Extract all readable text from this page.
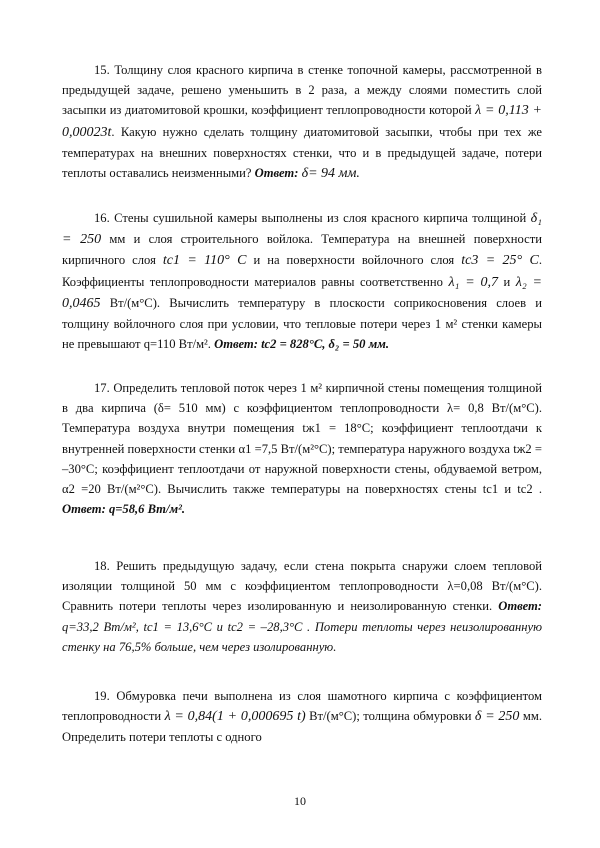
15. Толщину слоя красного кирпича в стенке топочной камеры, рассмотренной в предыдущей задаче, решено уменьшить в 2 раза, а между слоями поместить слой засыпки из диатомитовой крошки, коэффициент теплопроводности которой λ = 0,113 + 0,00023t. Какую нужно сделать толщину диатомитовой засыпки, чтобы при тех же температурах на внешних поверхностях стенки, что и в предыдущей задаче, потери теплоты оставались неизменными? Ответ: δ= 94 мм.

16. Стены сушильной камеры выполнены из слоя красного кирпича толщиной δ₁ = 250 мм и слоя строительного войлока. Температура на внешней поверхности кирпичного слоя tс1 = 110° C и на поверхности войлочного слоя tс3 = 25° C. Коэффициенты теплопроводности материалов равны соответственно λ₁ = 0,7 и λ₂ = 0,0465 Вт/(м°С). Вычислить температуру в плоскости соприкосновения слоев и толщину войлочного слоя при условии, что тепловые потери через 1 м² стенки камеры не превышают q=110 Вт/м². Ответ: tс2 = 828°С, δ₂ = 50 мм.

17. Определить тепловой поток через 1 м² кирпичной стены помещения толщиной в два кирпича (δ= 510 мм) с коэффициентом теплопроводности λ= 0,8 Вт/(м°С). Температура воздуха внутри помещения tж1 = 18°С; коэффициент теплоотдачи к внутренней поверхности стенки α1 =7,5 Вт/(м²°С); температура наружного воздуха tж2 = –30°С; коэффициент теплоотдачи от наружной поверхности стены, обдуваемой ветром, α2 =20 Вт/(м²°С). Вычислить также температуры на поверхностях стены tс1 и tс2 . Ответ: q=58,6 Вт/м².

18. Решить предыдущую задачу, если стена покрыта снаружи слоем тепловой изоляции толщиной 50 мм с коэффициентом теплопроводности λ=0,08 Вт/(м°С). Сравнить потери теплоты через изолированную и неизолированную стенки. Ответ: q=33,2 Вт/м², tс1 = 13,6°C и tс2 = –28,3°C . Потери теплоты через неизолированную стенку на 76,5% больше, чем через изолированную.

19. Обмуровка печи выполнена из слоя шамотного кирпича с коэффициентом теплопроводности λ = 0,84(1 + 0,000695 t) Вт/(м°С); толщина обмуровки δ = 250 мм. Определить потери теплоты с одного

10
